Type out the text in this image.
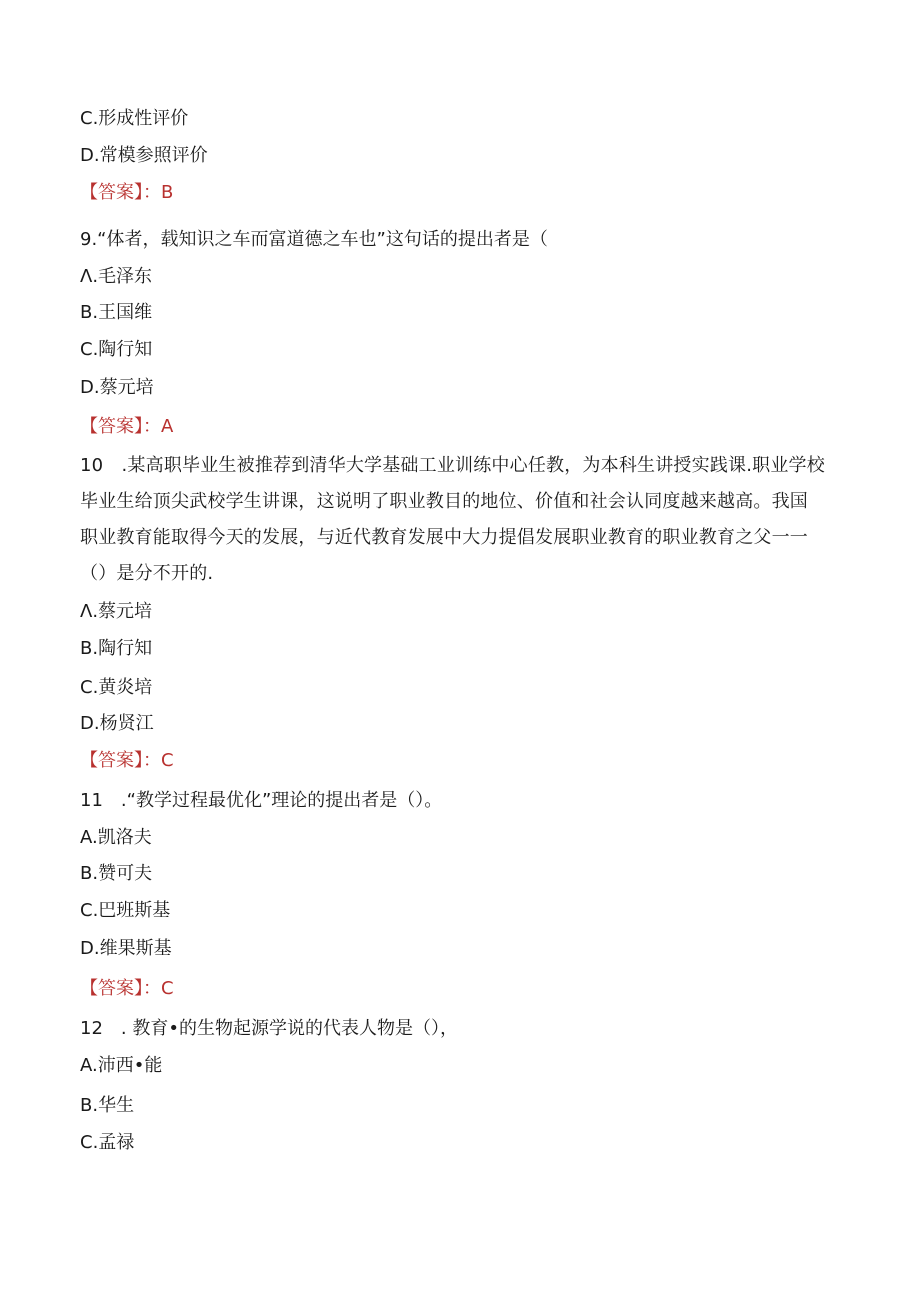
C.形成性评价
D.常模参照评价
【答案】：B
9.“体者，载知识之车而富道德之车也”这句话的提出者是（
Λ.毛泽东
B.王国维
C.陶行知
D.蔡元培
【答案】：A
10　.某高职毕业生被推荐到清华大学基础工业训练中心任教，为本科生讲授实践课.职业学校
毕业生给顶尖武校学生讲课，这说明了职业教目的地位、价值和社会认同度越来越高。我国
职业教育能取得今天的发展，与近代教育发展中大力提倡发展职业教育的职业教育之父一一
（）是分不开的.
Λ.蔡元培
B.陶行知
C.黄炎培
D.杨贤江
【答案】：C
11　.“教学过程最优化”理论的提出者是（）。
A.凯洛夫
B.赞可夫
C.巴班斯基
D.维果斯基
【答案】：C
12　. 教育•的生物起源学说的代表人物是（），
A.沛西•能
B.华生
C.孟禄
